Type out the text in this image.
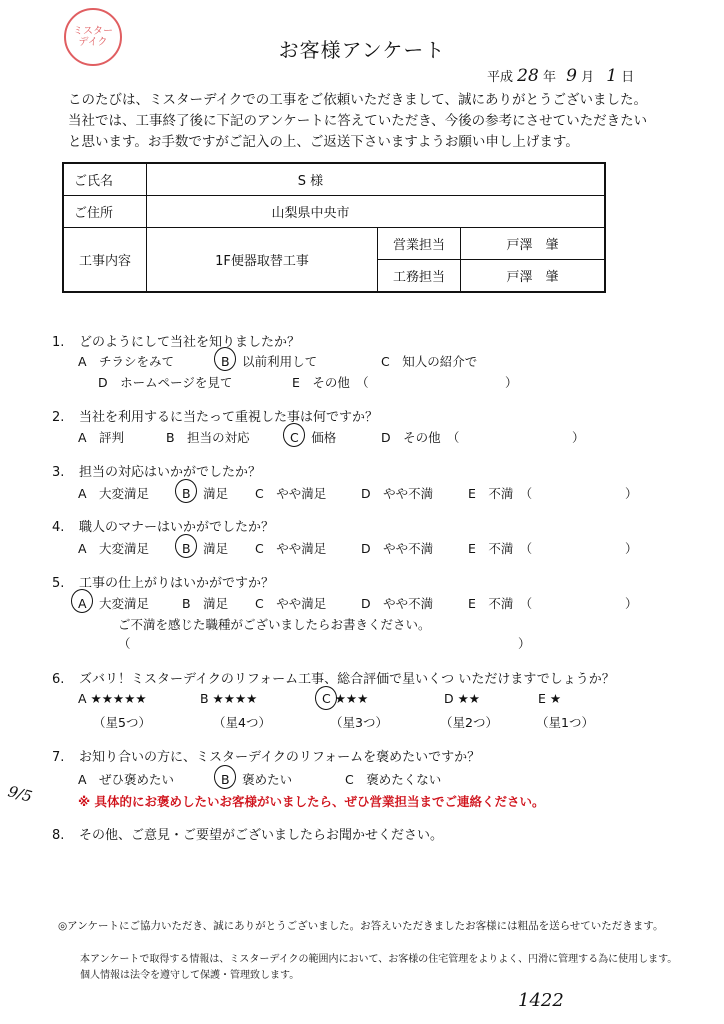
ミスターデイク	お客様アンケート
平成 28 年 9 月 1 日
このたびは、ミスターデイクでの工事をご依頼いただきまして、誠にありがとうございました。
当社では、工事終了後に下記のアンケートに答えていただき、今後の参考にさせていただきたい
と思います。お手数ですがご記入の上、ご返送下さいますようお願い申し上げます。
ご氏名	S 様		
ご住所	山梨県中央市		
工事内容	1F便器取替工事	営業担当	戸澤　肇
		工務担当	戸澤　肇
1. どのようにして当社を知りましたか？
A　チラシをみて	B　以前利用して	C　知人の紹介で
D　ホームページを見て	E　その他　（	）
2. 当社を利用するに当たって重視した事は何ですか？
A　評判	B　担当の対応	C　価格	D　その他　（	）
3. 担当の対応はいかがでしたか？
A　大変満足	B　満足 C　やや満足	D　やや不満	E　不満　（	）
4. 職人のマナーはいかがでしたか？
A　大変満足	B　満足 C　やや満足	D　やや不満	E　不満　（	）
5. 工事の仕上がりはいかがですか？
A　大変満足	B　満足 C　やや満足	D　やや不満	E　不満　（	）
ご不満を感じた職種がございましたらお書きください。
（	）
6. ズバリ！ミスターデイクのリフォーム工事、総合評価で星いくつ いただけますでしょうか？
A ★★★★★	B ★★★★	C ★★★	D ★★	E ★
（星5つ）	（星4つ）	（星3つ）	（星2つ）	（星1つ）
7. お知り合いの方に、ミスターデイクのリフォームを褒めたいですか？
A　ぜひ褒めたい	B　褒めたい	C　褒めたくない
※ 具体的にお褒めしたいお客様がいましたら、ぜひ営業担当までご連絡ください。
9/5
8. その他、ご意見・ご要望がございましたらお聞かせください。
◎アンケートにご協力いただき、誠にありがとうございました。お答えいただきましたお客様には粗品を送らせていただきます。
本アンケートで取得する情報は、ミスターデイクの範囲内において、お客様の住宅管理をよりよく、円滑に管理する為に使用します。
個人情報は法令を遵守して保護・管理致します。
1422
